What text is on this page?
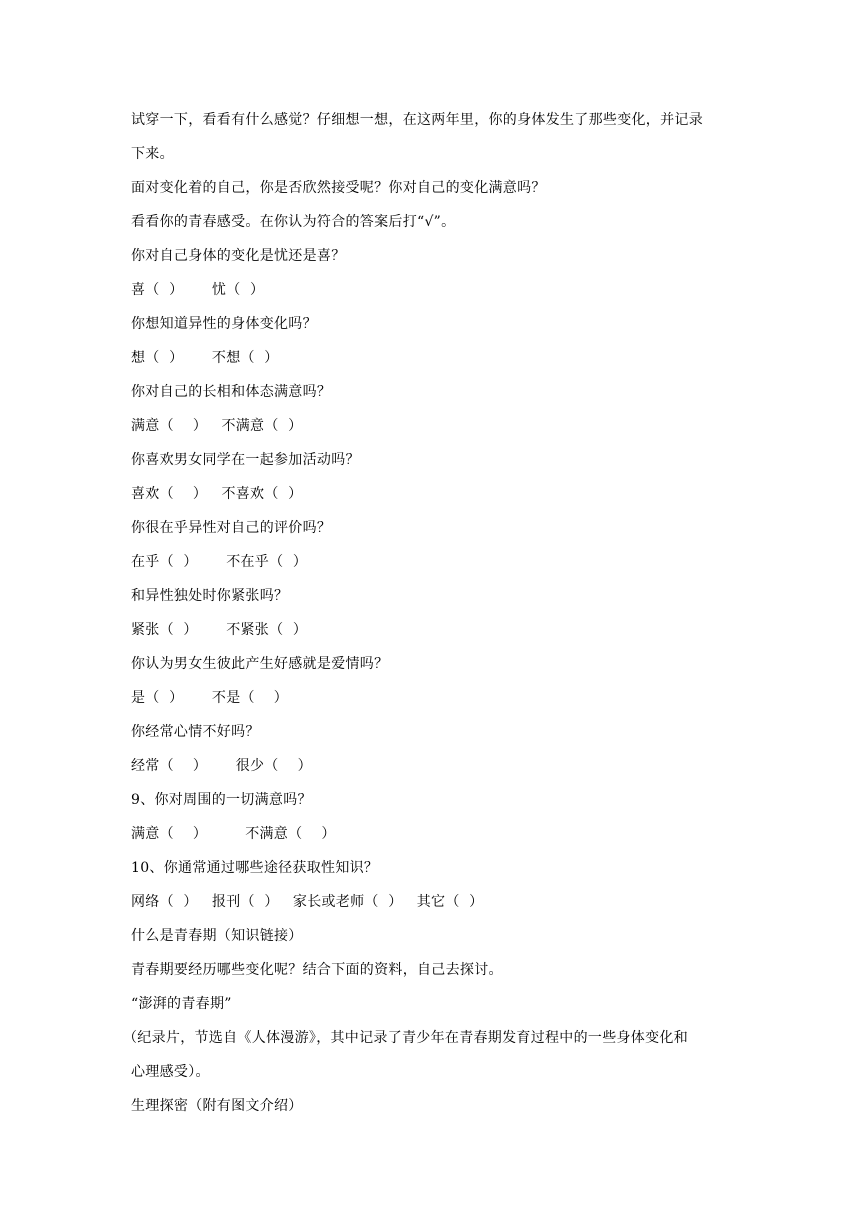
试穿一下，看看有什么感觉？仔细想一想，在这两年里，你的身体发生了那些变化，并记录
下来。
面对变化着的自己，你是否欣然接受呢？你对自己的变化满意吗？
看看你的青春感受。在你认为符合的答案后打“√”。
你对自己身体的变化是忧还是喜？
喜（  ）      忧（  ）
你想知道异性的身体变化吗？
想（  ）      不想（  ）
你对自己的长相和体态满意吗？
满意（    ）   不满意（  ）
你喜欢男女同学在一起参加活动吗？
喜欢（    ）   不喜欢（  ）
你很在乎异性对自己的评价吗？
在乎（  ）      不在乎（  ）
和异性独处时你紧张吗？
紧张（  ）      不紧张（  ）
你认为男女生彼此产生好感就是爱情吗？
是（  ）      不是（    ）
你经常心情不好吗？
经常（    ）      很少（    ）
9、你对周围的一切满意吗？
满意（    ）        不满意（    ）
10、你通常通过哪些途径获取性知识？
网络（  ）   报刊（  ）   家长或老师（  ）   其它（  ）
什么是青春期（知识链接）
青春期要经历哪些变化呢？结合下面的资料，自己去探讨。
“澎湃的青春期”
（纪录片，节选自《人体漫游》，其中记录了青少年在青春期发育过程中的一些身体变化和
心理感受）。
生理探密（附有图文介绍）
